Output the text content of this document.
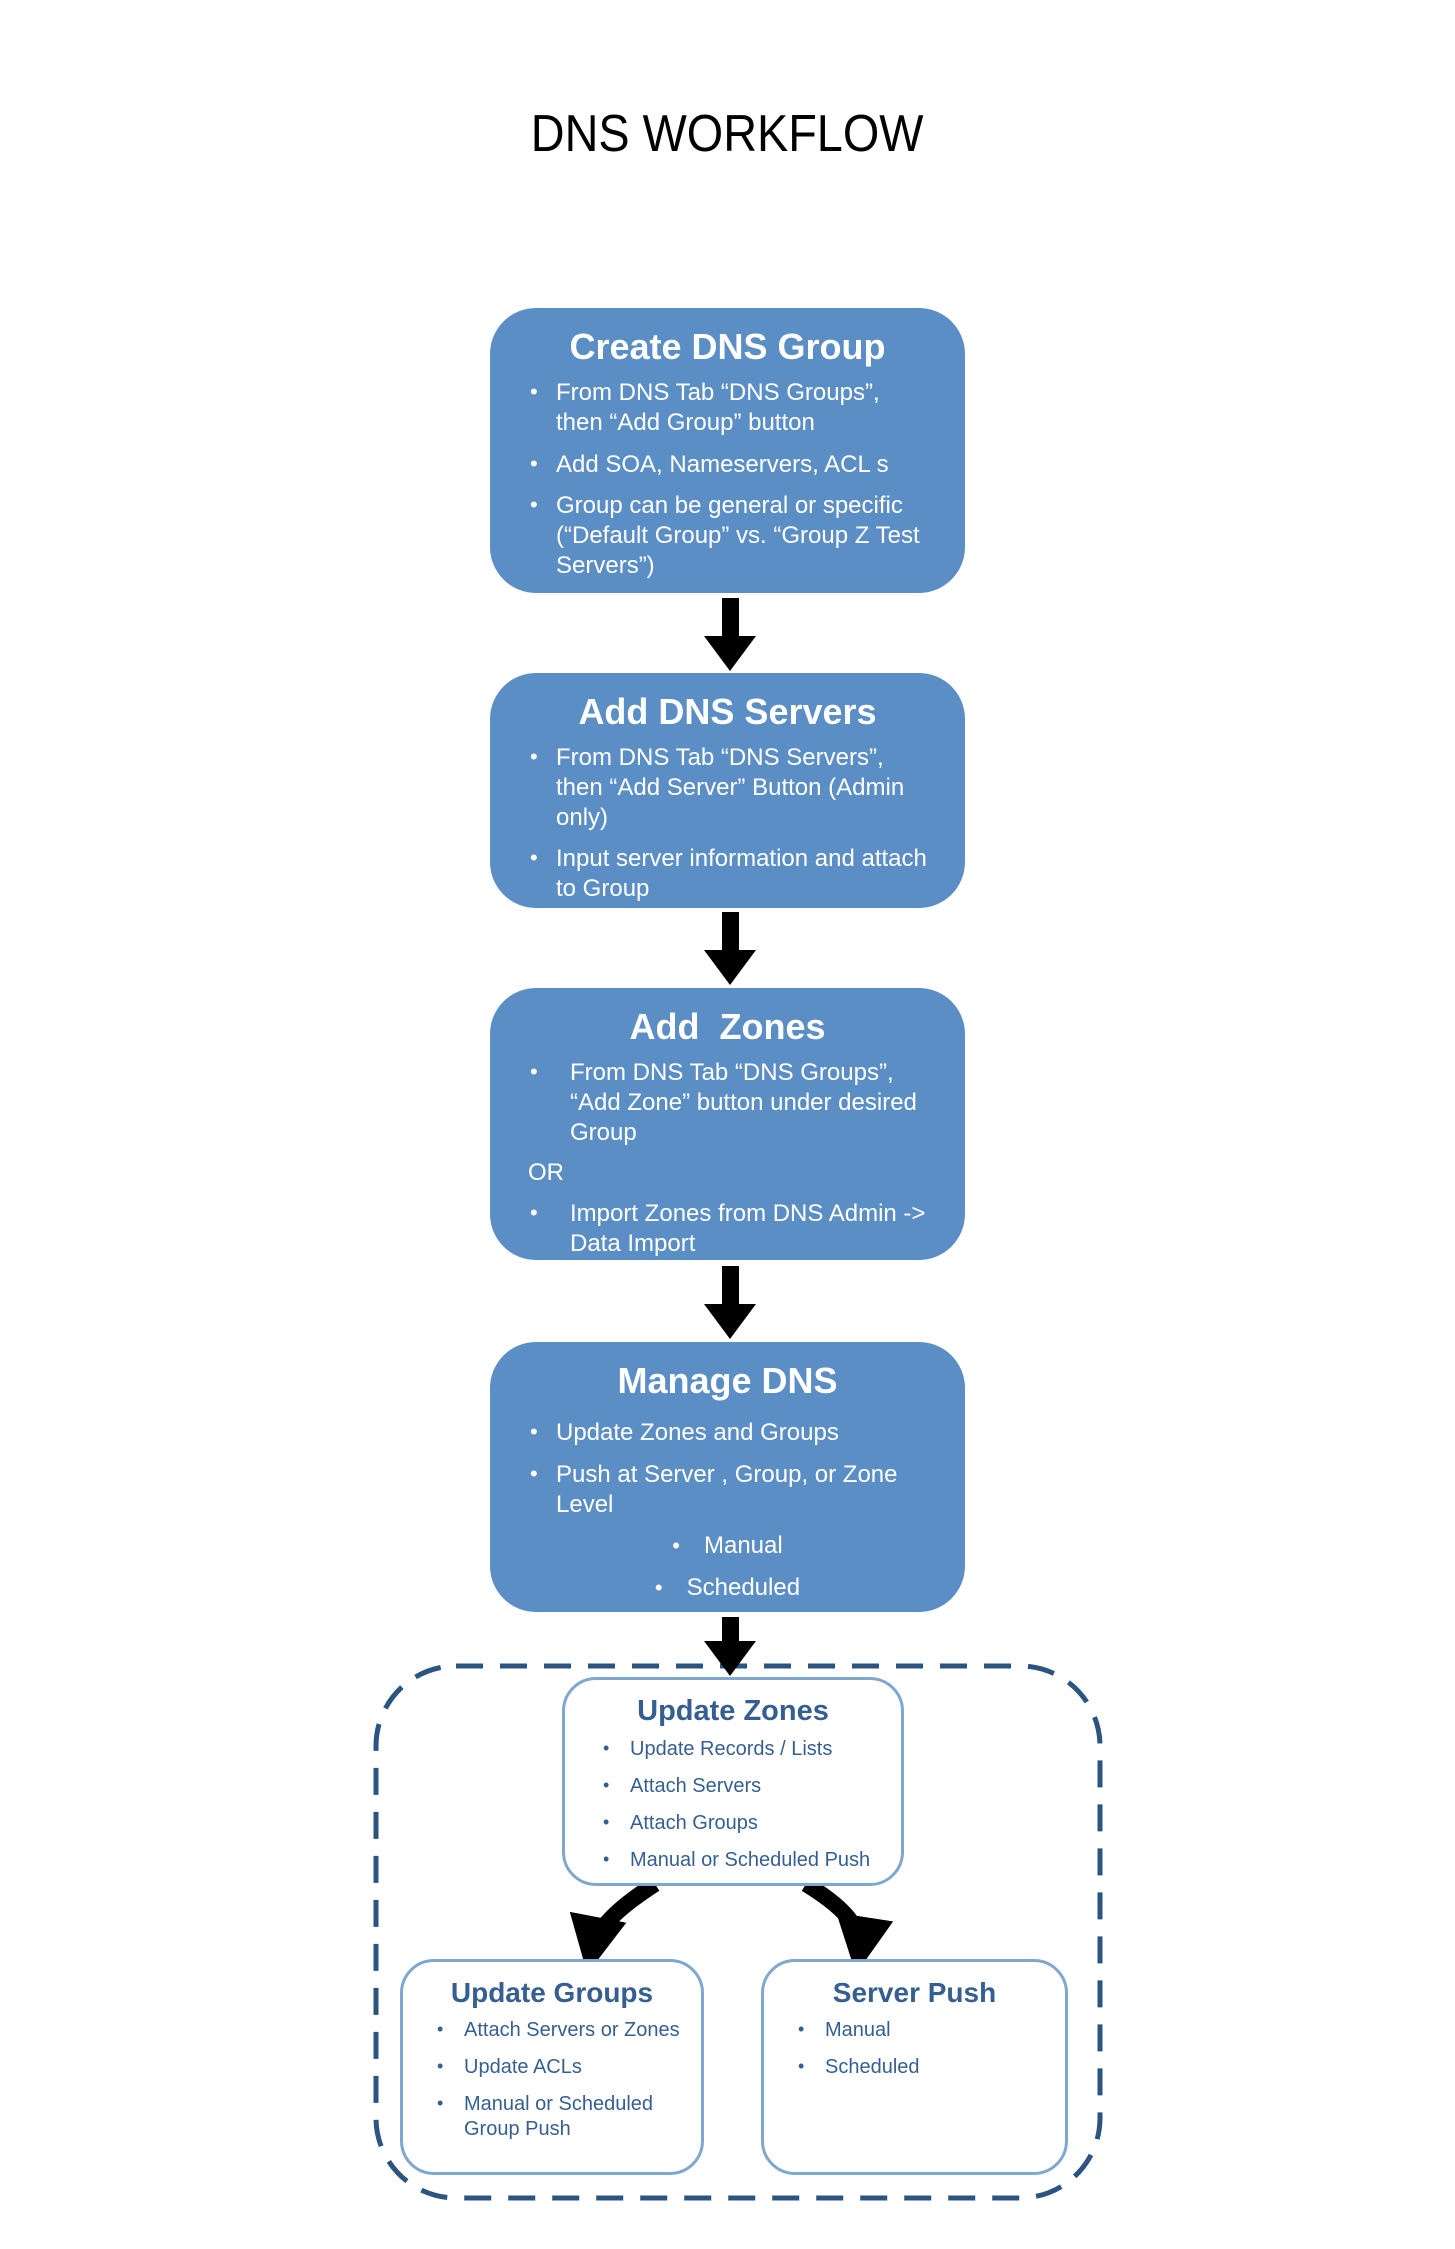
DNS WORKFLOW
Create DNS Group
• From DNS Tab “DNS Groups”, then “Add Group” button
• Add SOA, Nameservers, ACL s
• Group can be general or specific (“Default Group” vs. “Group Z Test Servers”)
Add DNS Servers
• From DNS Tab “DNS Servers”, then “Add Server” Button (Admin only)
• Input server information and attach to Group
Add  Zones
• From DNS Tab “DNS Groups”, “Add Zone” button under desired Group
OR
• Import Zones from DNS Admin -> Data Import
Manage DNS
• Update Zones and Groups
• Push at Server , Group, or Zone Level
• Manual
• Scheduled
Update Zones
• Update Records / Lists
• Attach Servers
• Attach Groups
• Manual or Scheduled Push
Update Groups
• Attach Servers or Zones
• Update ACLs
• Manual or Scheduled Group Push
Server Push
• Manual
• Scheduled
